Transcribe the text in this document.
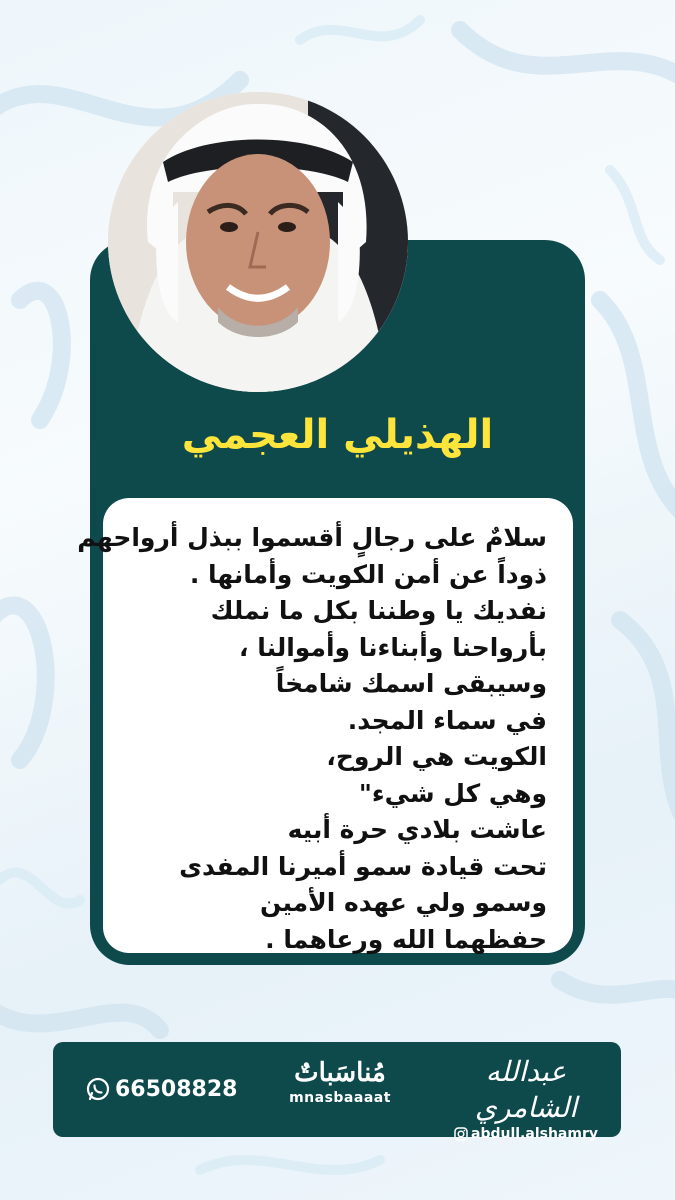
الهذيلي العجمي
سلامٌ على رجالٍ أقسموا ببذل أرواحهم
ذوداً عن أمن الكويت وأمانها .
نفديك يا وطننا بكل ما نملك
بأرواحنا وأبناءنا وأموالنا ،
وسيبقى اسمك شامخاً
في سماء المجد.
الكويت هي الروح،
وهي كل شيء"
عاشت بلادي حرة أبيه
تحت قيادة سمو أميرنا المفدى
وسمو ولي عهده الأمين
حفظهما الله ورعاهما .
66508828
مُناسَباتٌ
mnasbaaaat
عبدالله الشامري
abdull.alshamry
